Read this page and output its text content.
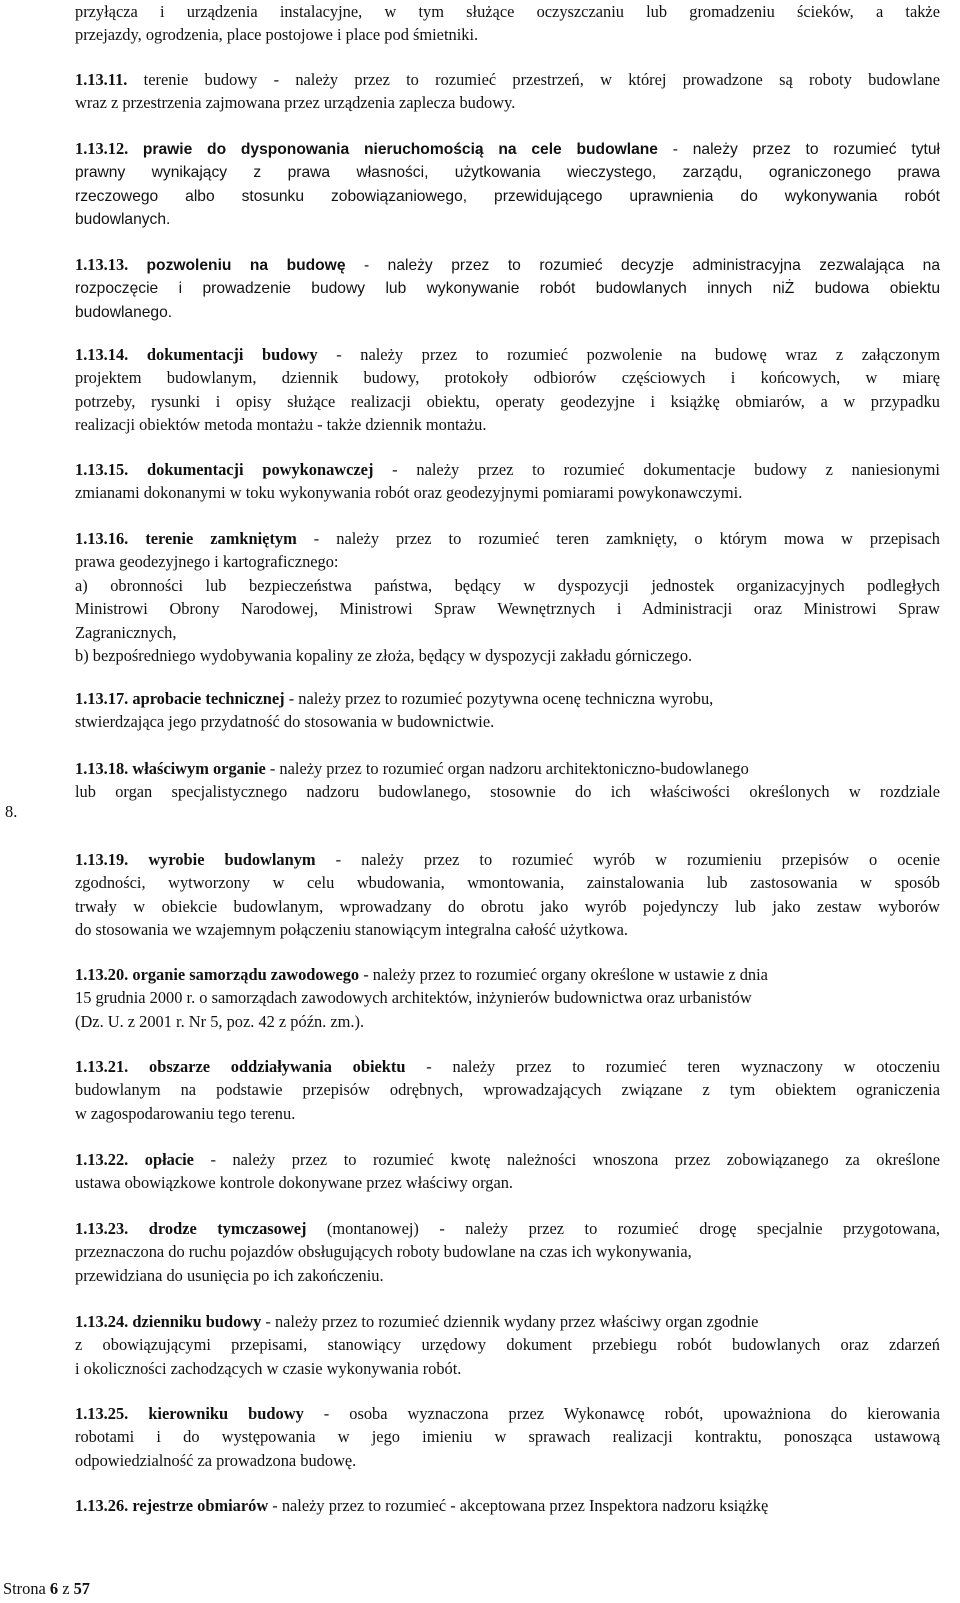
przyłącza i urządzenia instalacyjne, w tym służące oczyszczaniu lub gromadzeniu ścieków, a także
przejazdy, ogrodzenia, place postojowe i place pod śmietniki.
1.13.11. terenie budowy - należy przez to rozumieć przestrzeń, w której prowadzone są roboty budowlane
wraz z przestrzenia zajmowana przez urządzenia zaplecza budowy.
1.13.12. prawie do dysponowania nieruchomością na cele budowlane - należy przez to rozumieć tytuł
prawny wynikający z prawa własności, użytkowania wieczystego, zarządu, ograniczonego prawa
rzeczowego albo stosunku zobowiązaniowego, przewidującego uprawnienia do wykonywania robót
budowlanych.
1.13.13. pozwoleniu na budowę - należy przez to rozumieć decyzje administracyjna zezwalająca na
rozpoczęcie i prowadzenie budowy lub wykonywanie robót budowlanych innych niŻ budowa obiektu
budowlanego.
1.13.14. dokumentacji budowy - należy przez to rozumieć pozwolenie na budowę wraz z załączonym
projektem budowlanym, dziennik budowy, protokoły odbiorów częściowych i końcowych, w miarę
potrzeby, rysunki i opisy służące realizacji obiektu, operaty geodezyjne i książkę obmiarów, a w przypadku
realizacji obiektów metoda montażu - także dziennik montażu.
1.13.15. dokumentacji powykonawczej - należy przez to rozumieć dokumentacje budowy z naniesionymi
zmianami dokonanymi w toku wykonywania robót oraz geodezyjnymi pomiarami powykonawczymi.
1.13.16. terenie zamkniętym - należy przez to rozumieć teren zamknięty, o którym mowa w przepisach
prawa geodezyjnego i kartograficznego:
a) obronności lub bezpieczeństwa państwa, będący w dyspozycji jednostek organizacyjnych podległych
Ministrowi Obrony Narodowej, Ministrowi Spraw Wewnętrznych i Administracji oraz Ministrowi Spraw
Zagranicznych,
b) bezpośredniego wydobywania kopaliny ze złoża, będący w dyspozycji zakładu górniczego.
1.13.17. aprobacie technicznej - należy przez to rozumieć pozytywna ocenę techniczna wyrobu,
stwierdzająca jego przydatność do stosowania w budownictwie.
1.13.18. właściwym organie - należy przez to rozumieć organ nadzoru architektoniczno-budowlanego
lub organ specjalistycznego nadzoru budowlanego, stosownie do ich właściwości określonych w rozdziale
8.
1.13.19. wyrobie budowlanym - należy przez to rozumieć wyrób w rozumieniu przepisów o ocenie
zgodności, wytworzony w celu wbudowania, wmontowania, zainstalowania lub zastosowania w sposób
trwały w obiekcie budowlanym, wprowadzany do obrotu jako wyrób pojedynczy lub jako zestaw wyborów
do stosowania we wzajemnym połączeniu stanowiącym integralna całość użytkowa.
1.13.20. organie samorządu zawodowego - należy przez to rozumieć organy określone w ustawie z dnia
15 grudnia 2000 r. o samorządach zawodowych architektów, inżynierów budownictwa oraz urbanistów
(Dz. U. z 2001 r. Nr 5, poz. 42 z późn. zm.).
1.13.21. obszarze oddziaływania obiektu - należy przez to rozumieć teren wyznaczony w otoczeniu
budowlanym na podstawie przepisów odrębnych, wprowadzających związane z tym obiektem ograniczenia
w zagospodarowaniu tego terenu.
1.13.22. opłacie - należy przez to rozumieć kwotę należności wnoszona przez zobowiązanego za określone
ustawa obowiązkowe kontrole dokonywane przez właściwy organ.
1.13.23. drodze tymczasowej (montanowej) - należy przez to rozumieć drogę specjalnie przygotowana,
przeznaczona do ruchu pojazdów obsługujących roboty budowlane na czas ich wykonywania,
przewidziana do usunięcia po ich zakończeniu.
1.13.24. dzienniku budowy - należy przez to rozumieć dziennik wydany przez właściwy organ zgodnie
z obowiązującymi przepisami, stanowiący urzędowy dokument przebiegu robót budowlanych oraz zdarzeń
i okoliczności zachodzących w czasie wykonywania robót.
1.13.25. kierowniku budowy - osoba wyznaczona przez Wykonawcę robót, upoważniona do kierowania
robotami i do występowania w jego imieniu w sprawach realizacji kontraktu, ponosząca ustawową
odpowiedzialność za prowadzona budowę.
1.13.26. rejestrze obmiarów - należy przez to rozumieć - akceptowana przez Inspektora nadzoru książkę
Strona 6 z 57
